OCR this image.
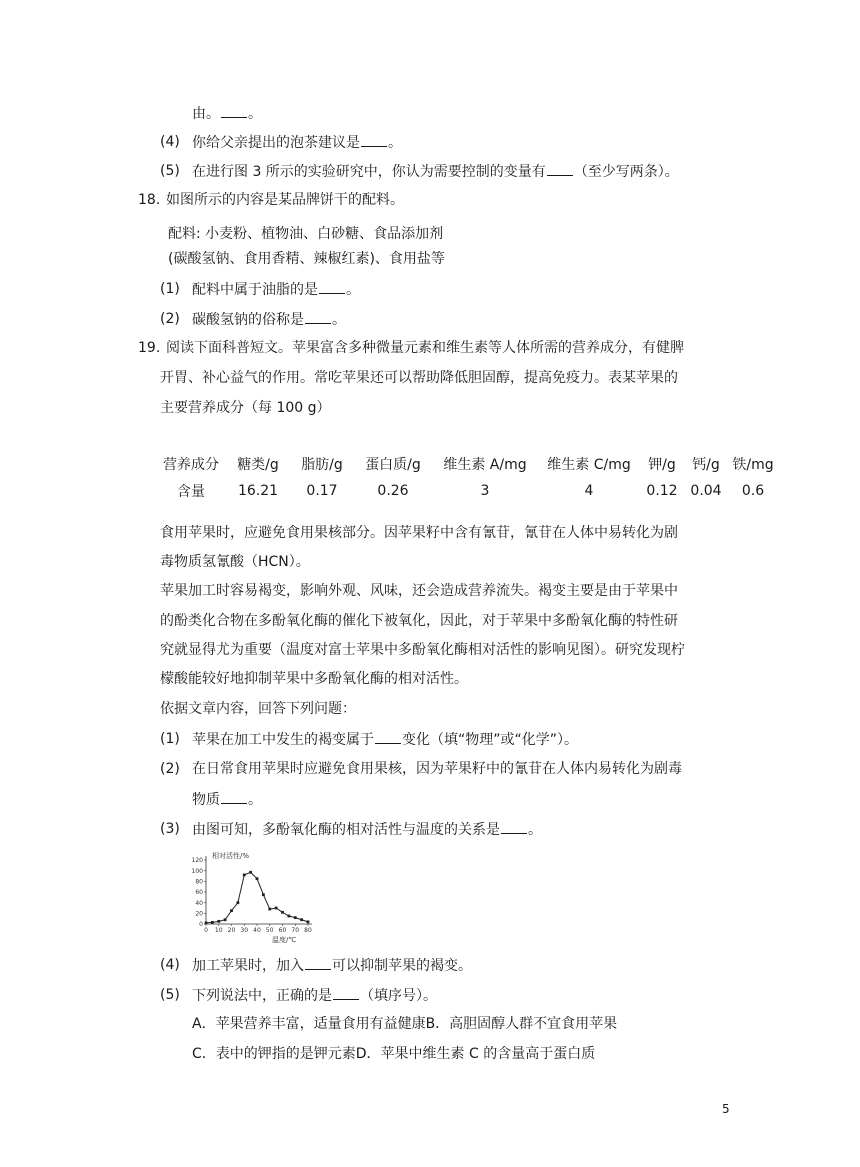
由。 。
(4) 你给父亲提出的泡茶建议是 。
(5) 在进行图 3 所示的实验研究中，你认为需要控制的变量有 （至少写两条）。
18. 如图所示的内容是某品牌饼干的配料。
配料: 小麦粉、植物油、白砂糖、食品添加剂
(碳酸氢钠、食用香精、辣椒红素)、食用盐等
(1) 配料中属于油脂的是 。
(2) 碳酸氢钠的俗称是 。
19. 阅读下面科普短文。苹果富含多种微量元素和维生素等人体所需的营养成分，有健脾
开胃、补心益气的作用。常吃苹果还可以帮助降低胆固醇，提高免疫力。表某苹果的
主要营养成分（每 100 g）
营养成分	糖类/g	脂肪/g	蛋白质/g	维生素 A/mg	维生素 C/mg	钾/g	钙/g	铁/mg
含量	16.21	0.17	0.26	3	4	0.12	0.04	0.6
食用苹果时，应避免食用果核部分。因苹果籽中含有氰苷，氰苷在人体中易转化为剧
毒物质氢氰酸（HCN）。
苹果加工时容易褐变，影响外观、风味，还会造成营养流失。褐变主要是由于苹果中
的酚类化合物在多酚氧化酶的催化下被氧化，因此，对于苹果中多酚氧化酶的特性研
究就显得尤为重要（温度对富士苹果中多酚氧化酶相对活性的影响见图）。研究发现柠
檬酸能较好地抑制苹果中多酚氧化酶的相对活性。
依据文章内容，回答下列问题：
(1) 苹果在加工中发生的褐变属于 变化（填“物理”或“化学”）。
(2) 在日常食用苹果时应避免食用果核，因为苹果籽中的氰苷在人体内易转化为剧毒
物质 。
(3) 由图可知，多酚氧化酶的相对活性与温度的关系是 。
0
20
40
60
80
100
120
0 10 20 30 40 50 60 70 80
相对活性/%
温度/℃
(4) 加工苹果时，加入 可以抑制苹果的褐变。
(5) 下列说法中，正确的是 （填序号）。
A．苹果营养丰富，适量食用有益健康B．高胆固醇人群不宜食用苹果
C．表中的钾指的是钾元素D．苹果中维生素 C 的含量高于蛋白质
5
